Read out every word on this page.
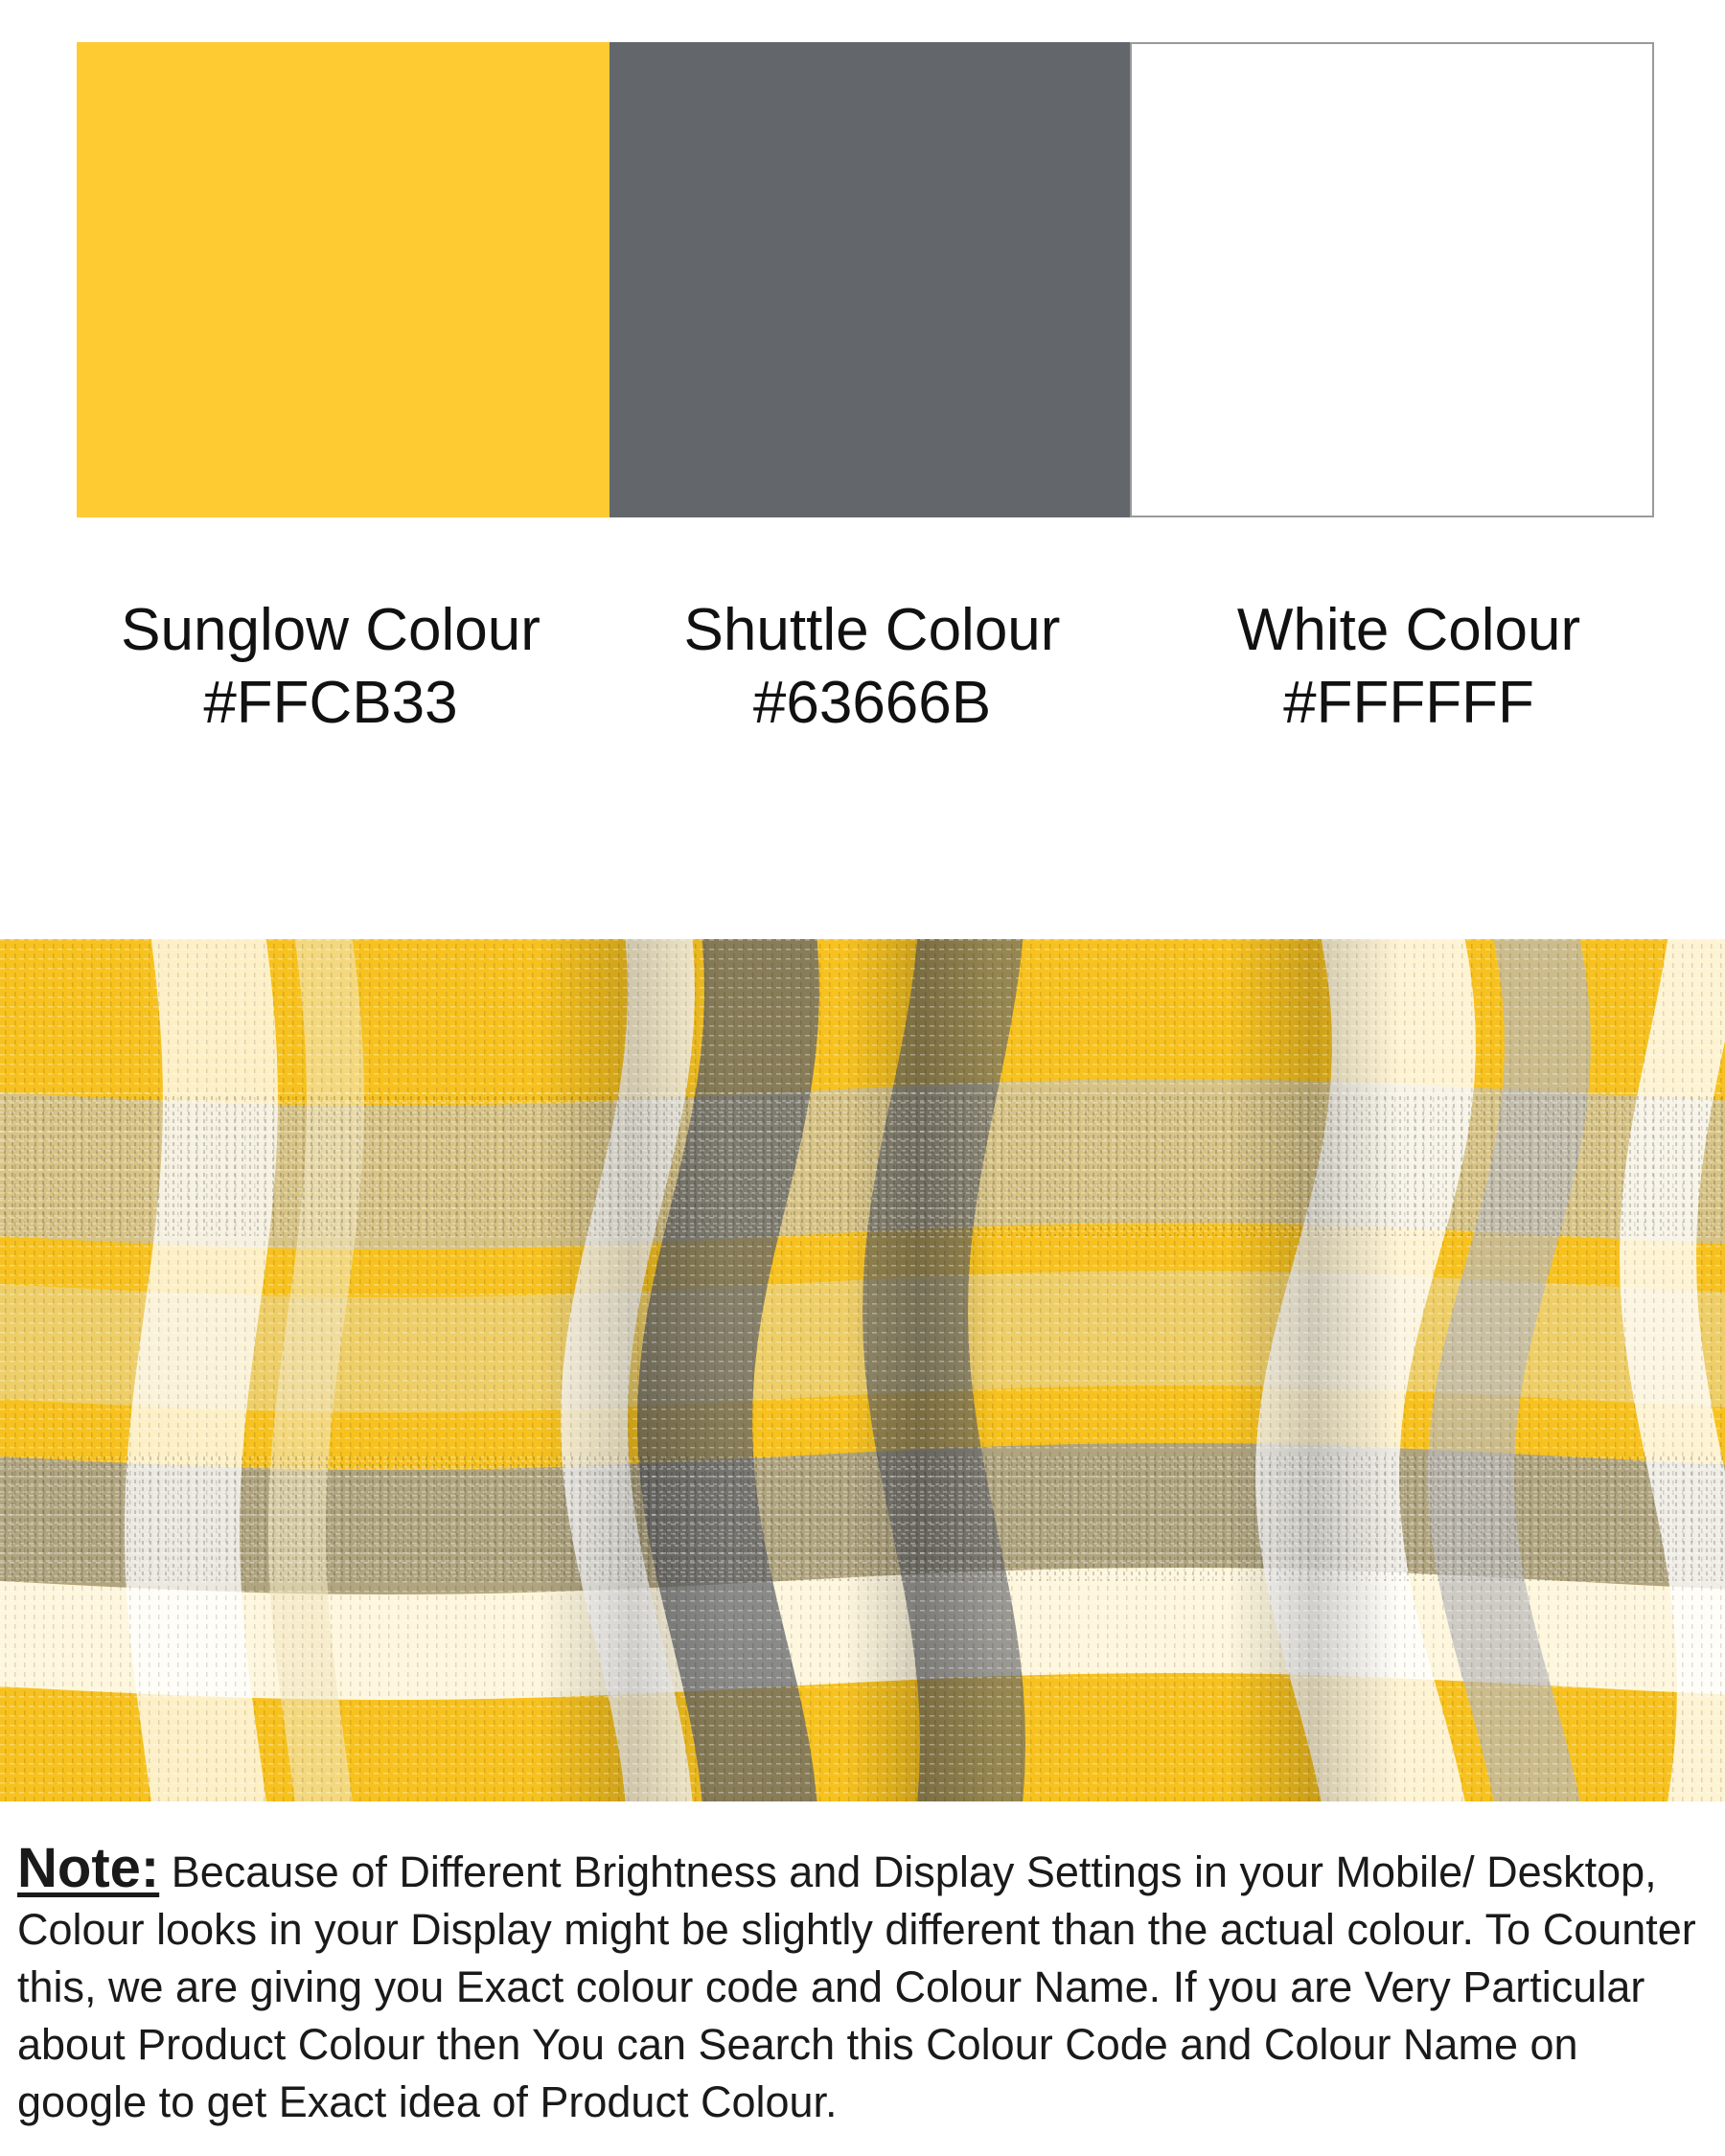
Sunglow Colour
#FFCB33
Shuttle Colour
#63666B
White Colour
#FFFFFF
Note: Because of Different Brightness and Display Settings in your Mobile/ Desktop, Colour looks in your Display might be slightly different than the actual colour. To Counter this, we are giving you Exact colour code and Colour Name. If you are Very Particular about Product Colour then You can Search this Colour Code and Colour Name on google to get Exact idea of Product Colour.
